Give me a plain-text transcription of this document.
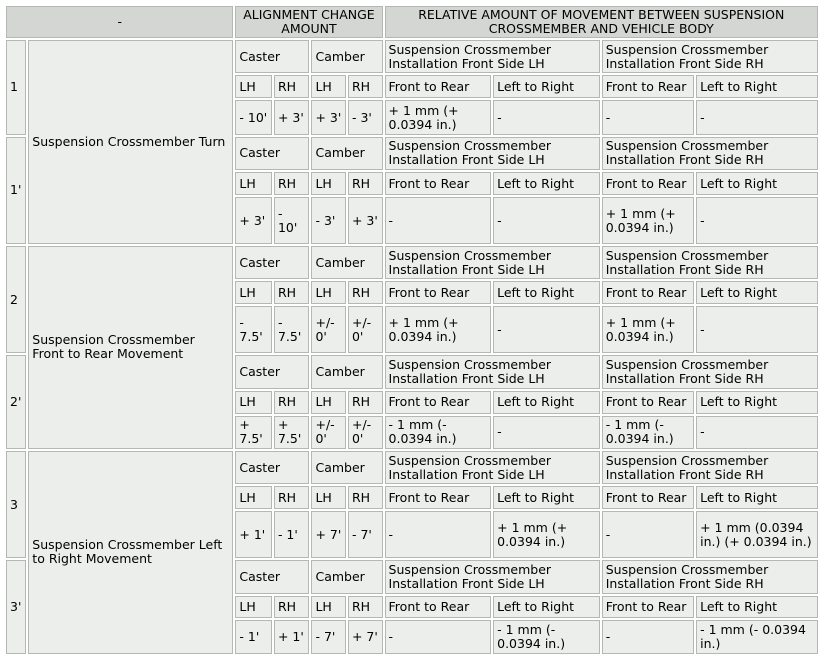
-		ALIGNMENT CHANGE AMOUNT				RELATIVE AMOUNT OF MOVEMENT BETWEEN SUSPENSION CROSSMEMBER AND VEHICLE BODY			
1	Suspension Crossmember Turn	Caster		Camber		Suspension Crossmember Installation Front Side LH		Suspension Crossmember Installation Front Side RH	
		LH	RH	LH	RH	Front to Rear	Left to Right	Front to Rear	Left to Right
		- 10'	+ 3'	+ 3'	- 3'	+ 1 mm (+ 0.0394 in.)	-	-	-
1'		Caster		Camber		Suspension Crossmember Installation Front Side LH		Suspension Crossmember Installation Front Side RH	
		LH	RH	LH	RH	Front to Rear	Left to Right	Front to Rear	Left to Right
		+ 3'	- 10'	- 3'	+ 3'	-	-	+ 1 mm (+ 0.0394 in.)	-
2	Suspension Crossmember Front to Rear Movement	Caster		Camber		Suspension Crossmember Installation Front Side LH		Suspension Crossmember Installation Front Side RH	
		LH	RH	LH	RH	Front to Rear	Left to Right	Front to Rear	Left to Right
		- 7.5'	- 7.5'	+/- 0'	+/- 0'	+ 1 mm (+ 0.0394 in.)	-	+ 1 mm (+ 0.0394 in.)	-
2'		Caster		Camber		Suspension Crossmember Installation Front Side LH		Suspension Crossmember Installation Front Side RH	
		LH	RH	LH	RH	Front to Rear	Left to Right	Front to Rear	Left to Right
		+ 7.5'	+ 7.5'	+/- 0'	+/- 0'	- 1 mm (- 0.0394 in.)	-	- 1 mm (- 0.0394 in.)	-
3	Suspension Crossmember Left to Right Movement	Caster		Camber		Suspension Crossmember Installation Front Side LH		Suspension Crossmember Installation Front Side RH	
		LH	RH	LH	RH	Front to Rear	Left to Right	Front to Rear	Left to Right
		+ 1'	- 1'	+ 7'	- 7'	-	+ 1 mm (+ 0.0394 in.)	-	+ 1 mm (0.0394 in.) (+ 0.0394 in.)
3'		Caster		Camber		Suspension Crossmember Installation Front Side LH		Suspension Crossmember Installation Front Side RH	
		LH	RH	LH	RH	Front to Rear	Left to Right	Front to Rear	Left to Right
		- 1'	+ 1'	- 7'	+ 7'	-	- 1 mm (- 0.0394 in.)	-	- 1 mm (- 0.0394 in.)
